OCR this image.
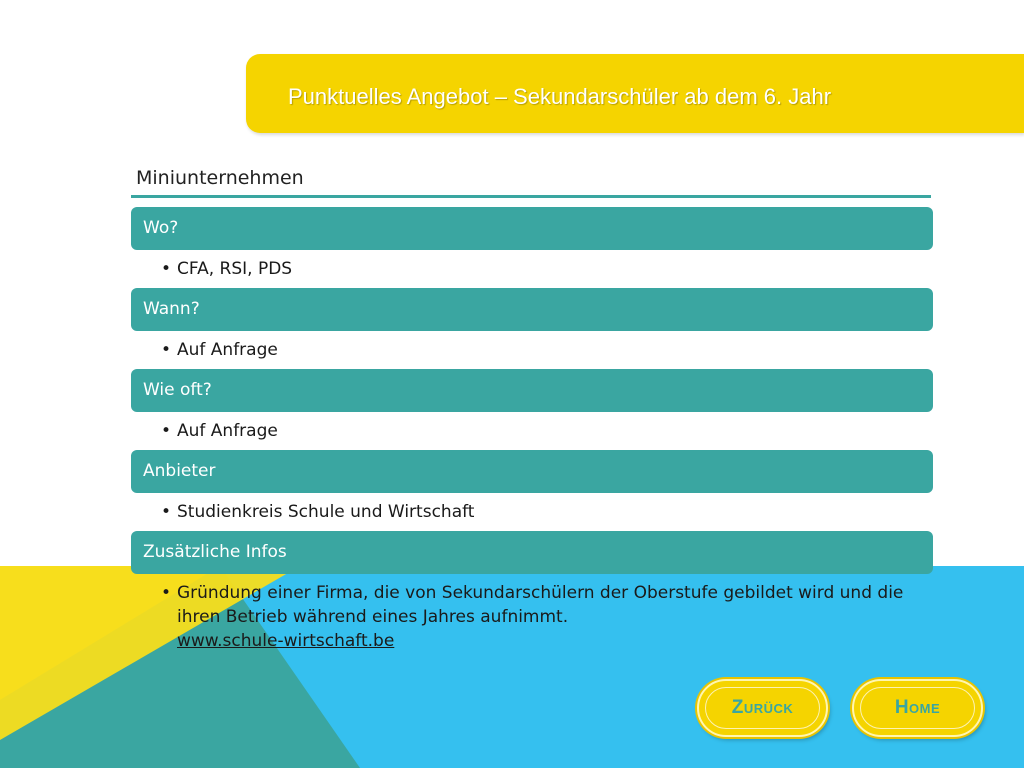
Punktuelles Angebot – Sekundarschüler ab dem 6. Jahr
Miniunternehmen
Wo?
• CFA, RSI, PDS
Wann?
• Auf Anfrage
Wie oft?
• Auf Anfrage
Anbieter
• Studienkreis Schule und Wirtschaft
Zusätzliche Infos
• Gründung einer Firma, die von Sekundarschülern der Oberstufe gebildet wird und die ihren Betrieb während eines Jahres aufnimmt.
www.schule-wirtschaft.be
Zurück	Home
